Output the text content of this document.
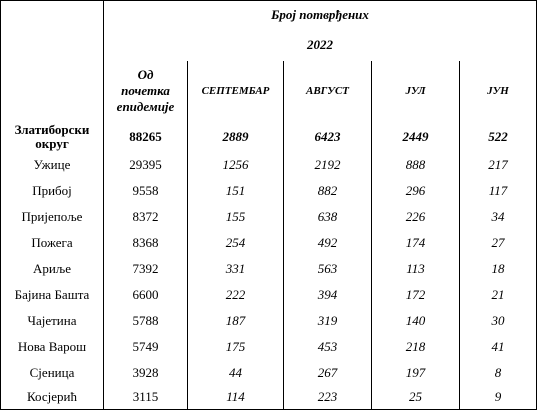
	Број потврђених				
	2022				

	Од
почетка
епидемије	СЕПТЕМБАР	АВГУСТ	ЈУЛ	ЈУН

Златиборски
округ	88265	2889	6423	2449	522
Ужице	29395	1256	2192	888	217
Прибој	9558	151	882	296	117
Пријепоље	8372	155	638	226	34
Пожега	8368	254	492	174	27
Ариље	7392	331	563	113	18
Бајина Башта	6600	222	394	172	21
Чајетина	5788	187	319	140	30
Нова Варош	5749	175	453	218	41
Сјеница	3928	44	267	197	8
Косјерић	3115	114	223	25	9
